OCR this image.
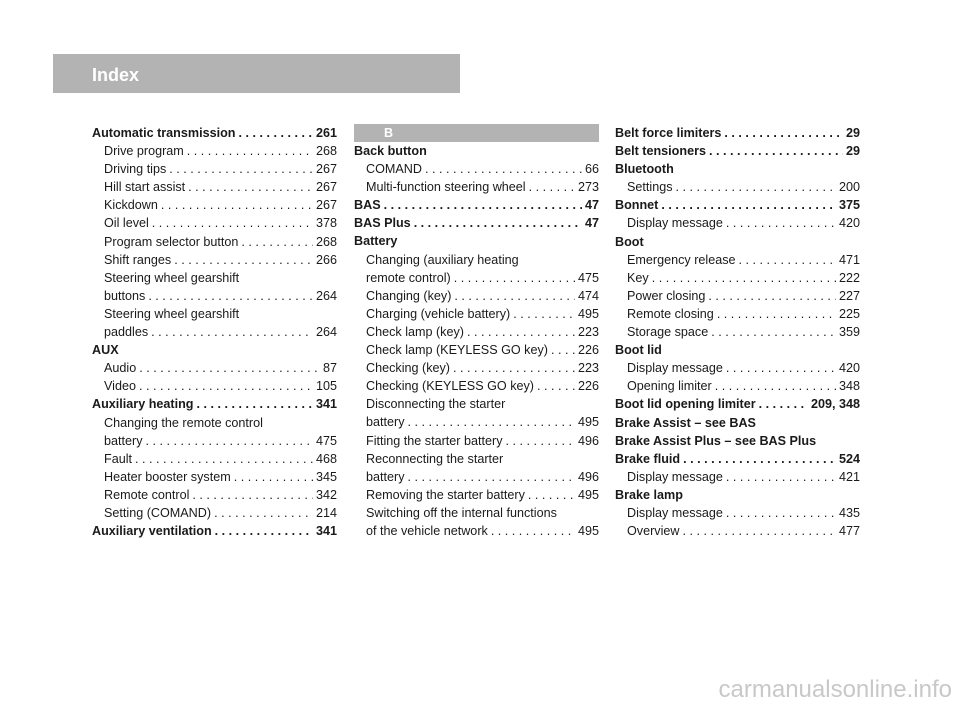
Index
Automatic transmission . . .	261
Drive program . . .	268
Driving tips . . .	267
Hill start assist . . .	267
Kickdown . . .	267
Oil level . . .	378
Program selector button . . .	268
Shift ranges . . .	266
Steering wheel gearshift
buttons . . .	264
Steering wheel gearshift
paddles . . .	264
AUX
Audio . . .	87
Video . . .	105
Auxiliary heating . . .	341
Changing the remote control
battery . . .	475
Fault . . .	468
Heater booster system . . .	345
Remote control . . .	342
Setting (COMAND) . . .	214
Auxiliary ventilation . . .	341
B
Back button
COMAND . . .	66
Multi-function steering wheel . . .	273
BAS . . .	47
BAS Plus . . .	47
Battery
Changing (auxiliary heating
remote control) . . .	475
Changing (key) . . .	474
Charging (vehicle battery) . . .	495
Check lamp (key) . . .	223
Check lamp (KEYLESS GO key) . . . 226
Checking (key) . . .	223
Checking (KEYLESS GO key) . . .	226
Disconnecting the starter
battery . . .	495
Fitting the starter battery . . .	496
Reconnecting the starter
battery . . .	496
Removing the starter battery . . .	495
Switching off the internal functions
of the vehicle network . . .	495
Belt force limiters . . .	29
Belt tensioners . . .	29
Bluetooth
Settings . . .	200
Bonnet . . .	375
Display message . . .	420
Boot
Emergency release . . .	471
Key . . .	222
Power closing . . .	227
Remote closing . . .	225
Storage space . . .	359
Boot lid
Display message . . .	420
Opening limiter . . .	348
Boot lid opening limiter . . .	209, 348
Brake Assist – see BAS
Brake Assist Plus – see BAS Plus
Brake fluid . . .	524
Display message . . .	421
Brake lamp
Display message . . .	435
Overview . . .	477
carmanualsonline.info
